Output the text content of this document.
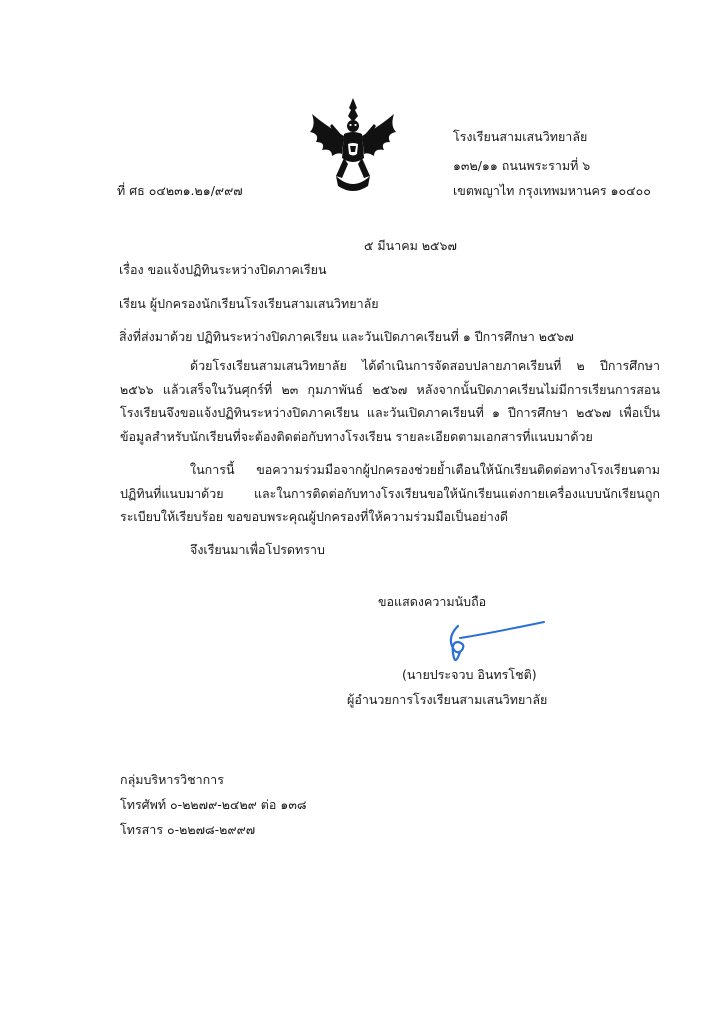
โรงเรียนสามเสนวิทยาลัย
๑๓๒/๑๑ ถนนพระรามที่ ๖
เขตพญาไท กรุงเทพมหานคร ๑๐๔๐๐
ที่ ศธ ๐๔๒๓๑.๒๑/๙๙๗
๕ มีนาคม ๒๕๖๗
เรื่อง ขอแจ้งปฏิทินระหว่างปิดภาคเรียน
เรียน ผู้ปกครองนักเรียนโรงเรียนสามเสนวิทยาลัย
สิ่งที่ส่งมาด้วย ปฏิทินระหว่างปิดภาคเรียน และวันเปิดภาคเรียนที่ ๑ ปีการศึกษา ๒๕๖๗
ด้วยโรงเรียนสามเสนวิทยาลัย ได้ดำเนินการจัดสอบปลายภาคเรียนที่ ๒ ปีการศึกษา ๒๕๖๖ แล้วเสร็จในวันศุกร์ที่ ๒๓ กุมภาพันธ์ ๒๕๖๗ หลังจากนั้นปิดภาคเรียนไม่มีการเรียนการสอน โรงเรียนจึงขอแจ้งปฏิทินระหว่างปิดภาคเรียน และวันเปิดภาคเรียนที่ ๑ ปีการศึกษา ๒๕๖๗ เพื่อเป็นข้อมูลสำหรับนักเรียนที่จะต้องติดต่อกับทางโรงเรียน รายละเอียดตามเอกสารที่แนบมาด้วย
ในการนี้ ขอความร่วมมือจากผู้ปกครองช่วยย้ำเตือนให้นักเรียนติดต่อทางโรงเรียนตามปฏิทินที่แนบมาด้วย และในการติดต่อกับทางโรงเรียนขอให้นักเรียนแต่งกายเครื่องแบบนักเรียนถูกระเบียบให้เรียบร้อย ขอขอบพระคุณผู้ปกครองที่ให้ความร่วมมือเป็นอย่างดี
จึงเรียนมาเพื่อโปรดทราบ
ขอแสดงความนับถือ
(นายประจวบ อินทรโชติ)
ผู้อำนวยการโรงเรียนสามเสนวิทยาลัย
กลุ่มบริหารวิชาการ
โทรศัพท์ ๐-๒๒๗๙-๒๔๒๙ ต่อ ๑๓๘
โทรสาร ๐-๒๒๗๘-๒๙๙๗
